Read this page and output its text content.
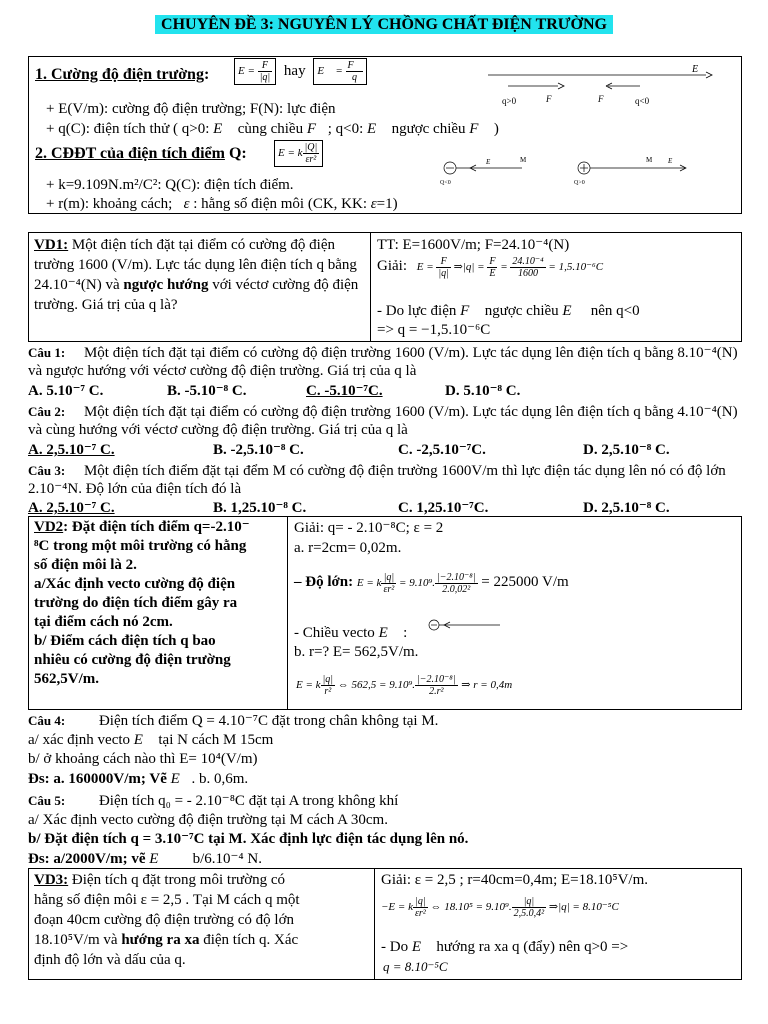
CHUYÊN ĐỀ 3: NGUYÊN LÝ CHỒNG CHẤT ĐIỆN TRƯỜNG
1. Cường độ điện trường:	$E = \frac{F}{|q|}$ hay E⃗ = $\frac{F⃗}{q}$
+ E(V/m): cường độ điện trường; F(N): lực điện
+ q(C): điện tích thử ( q>0: E⃗ cùng chiều F⃗; q<0: E⃗ ngược chiều F⃗ )
2. CĐĐT của điện tích điểm Q:	E = k $\frac{|Q|}{\text{εr²}}$
+ k=9.109N.m²/C²: Q(C): điện tích điểm.
+ r(m): khoảng cách; ε : hằng số điện môi (CK, KK: ε=1)
E
F	F
q>0	q<0
E	M
Q<0
M E
Q>0
VD1: Một điện tích đặt tại điểm có cường độ điện trường 1600 (V/m). Lực tác dụng lên điện tích q bằng 24.10⁻⁴(N) và ngược hướng với véctơ cường độ điện trường. Giá trị của q là?
TT: E=1600V/m; F=24.10⁻⁴(N)
Giải: $E = \frac{F}{|q|}$ ⇒|q| = $\frac{F}{E} = \frac{\text{24.10⁻⁴}}{1600} = 1,5.10^{-6}C$
- Do lực điện F⃗ ngược chiều E⃗ nên q<0
=> q = −1,5.10⁻⁶C
Câu 1: Một điện tích đặt tại điểm có cường độ điện trường 1600 (V/m). Lực tác dụng lên điện tích q bằng 8.10⁻⁴(N) và ngược hướng với véctơ cường độ điện trường. Giá trị của q là
A. 5.10⁻⁷ C.	B. -5.10⁻⁸ C.	C. -5.10⁻⁷C.	D. 5.10⁻⁸ C.
Câu 2: Một điện tích đặt tại điểm có cường độ điện trường 1600 (V/m). Lực tác dụng lên điện tích q bằng 4.10⁻⁴(N) và cùng hướng với véctơ cường độ điện trường. Giá trị của q là
A. 2,5.10⁻⁷ C.	B. -2,5.10⁻⁸ C.	C. -2,5.10⁻⁷C.	D. 2,5.10⁻⁸ C.
Câu 3: Một điện tích điểm đặt tại đểm M có cường độ điện trường 1600V/m thì lực điện tác dụng lên nó có độ lớn 2.10⁻⁴N. Độ lớn của điện tích đó là
A. 2,5.10⁻⁷ C.	B. 1,25.10⁻⁸ C.	C. 1,25.10⁻⁷C.	D. 2,5.10⁻⁸ C.
VD2: Đặt điện tích điểm q=-2.10⁻
⁸C trong một môi trường có hằng
số điện môi là 2.
a/Xác định vecto cường độ điện
trường do điện tích điểm gây ra
tại điểm cách nó 2cm.
b/ Điểm cách điện tích q bao
nhiêu có cường độ điện trường
562,5V/m.
Giải: q= - 2.10⁻⁸C; ε = 2
a. r=2cm= 0,02m.
– Độ lớn: E = k $\frac{|q|}{\text{εr²}} = 9.10^9$. $\frac{\text{|−2.10⁻⁸|}}{\text{2.0,02²}} = 225000$ V/m
- Chiều vecto E⃗ :
b. r=? E= 562,5V/m.
E = k $\frac{|q|}{\text{r²}}$ ⇔ 562,5 = 9.10⁹. $\frac{\text{|−2.10⁻⁸|}}{\text{2.r²}}$ ⇒ r = 0,4m
Câu 4: Điện tích điểm Q = 4.10⁻⁷C đặt trong chân không tại M.
a/ xác định vecto E⃗ tại N cách M 15cm
b/ ở khoảng cách nào thì E= 10⁴(V/m)
Đs: a. 160000V/m; Vẽ E⃗. b. 0,6m.
Câu 5: Điện tích q₀ = - 2.10⁻⁸C đặt tại A trong không khí
a/ Xác định vecto cường độ điện trường tại M cách A 30cm.
b/ Đặt điện tích q = 3.10⁻⁷C tại M. Xác định lực điện tác dụng lên nó.
Đs: a/2000V/m; vẽ E⃗ b/6.10⁻⁴ N.
VD3: Điện tích q đặt trong môi trường có
hằng số điện môi ε = 2,5 . Tại M cách q một
đoạn 40cm cường độ điện trường có độ lớn
18.10⁵V/m và hướng ra xa điện tích q. Xác
định độ lớn và dấu của q.
Giải: ε = 2,5 ; r=40cm=0,4m; E=18.10⁵V/m.
−E = k $\frac{|q|}{\text{εr²}}$ ⇔ 18.10⁵ = 9.10⁹. $\frac{|q|}{\text{2,5.0,4²}}$ ⇒|q| = 8.10⁻⁵C
- Do E⃗ hướng ra xa q (đẩy) nên q>0 =>
q = 8.10⁻⁵C
